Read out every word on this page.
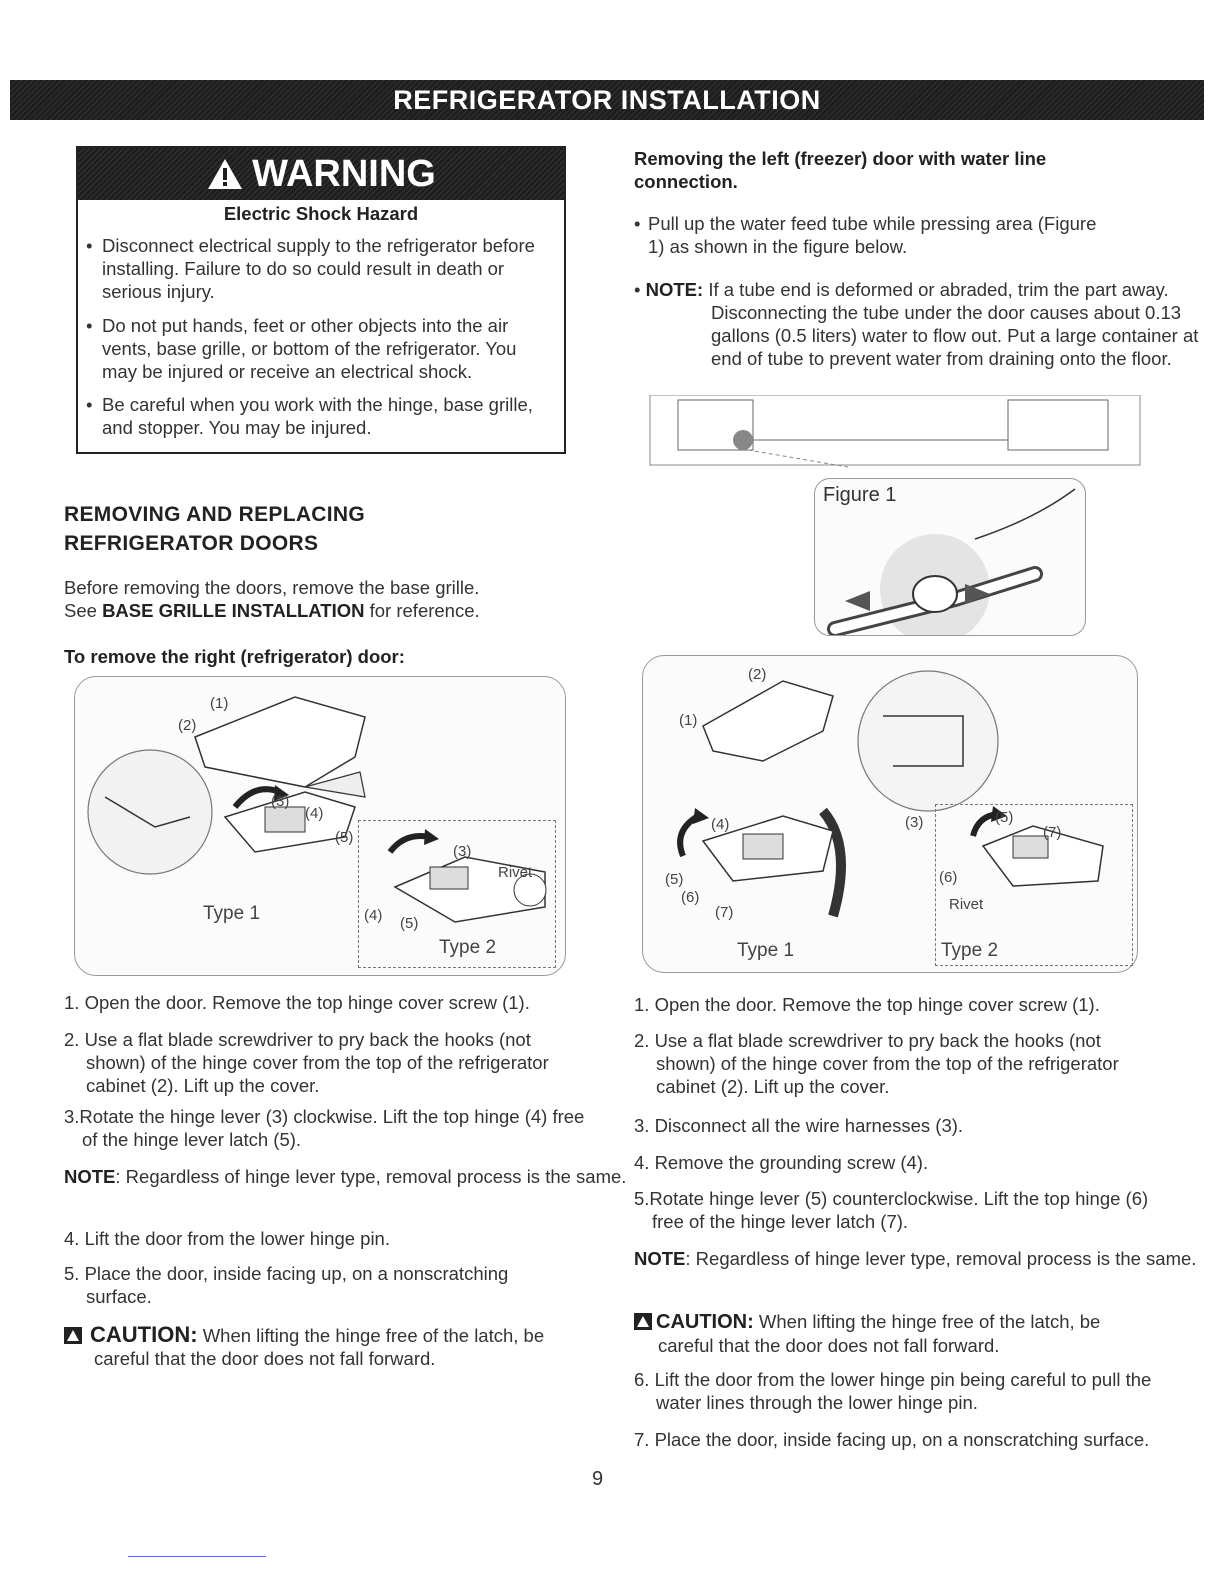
REFRIGERATOR INSTALLATION
WARNING
Electric Shock Hazard
• Disconnect electrical supply to the refrigerator before installing. Failure to do so could result in death or serious injury.
• Do not put hands, feet or other objects into the air vents, base grille, or bottom of the refrigerator. You may be injured or receive an electrical shock.
• Be careful when you work with the hinge, base grille, and stopper. You may be injured.
REMOVING AND REPLACING
REFRIGERATOR DOORS
Before removing the doors, remove the base grille.
See BASE GRILLE INSTALLATION for reference.
To remove the right (refrigerator) door:
(1)
(2)
(3)
(4)
(5)
Type 1
(3)
Rivet
(4) (5)
Type 2
1. Open the door. Remove the top hinge cover screw (1).
2. Use a flat blade screwdriver to pry back the hooks (not shown) of the hinge cover from the top of the refrigerator cabinet (2). Lift up the cover.
3.Rotate the hinge lever (3) clockwise. Lift the top hinge (4) free of the hinge lever latch (5).
NOTE: Regardless of hinge lever type, removal process is the same.
4. Lift the door from the lower hinge pin.
5. Place the door, inside facing up, on a nonscratching surface.
CAUTION: When lifting the hinge free of the latch, be careful that the door does not fall forward.
Removing the left (freezer) door with water line connection.
• Pull up the water feed tube while pressing area (Figure 1) as shown in the figure below.
• NOTE: If a tube end is deformed or abraded, trim the part away. Disconnecting the tube under the door causes about 0.13 gallons (0.5 liters) water to flow out. Put a large container at end of tube to prevent water from draining onto the floor.
Figure 1
(2)
(1)
(4)	(3)
(5)
(6)
(7)
Type 1
(5)
(7)
(6)
Rivet
Type 2
1. Open the door. Remove the top hinge cover screw (1).
2. Use a flat blade screwdriver to pry back the hooks (not shown) of the hinge cover from the top of the refrigerator cabinet (2). Lift up the cover.
3. Disconnect all the wire harnesses (3).
4. Remove the grounding screw (4).
5.Rotate hinge lever (5) counterclockwise. Lift the top hinge (6) free of the hinge lever latch (7).
NOTE: Regardless of hinge lever type, removal process is the same.
CAUTION: When lifting the hinge free of the latch, be careful that the door does not fall forward.
6. Lift the door from the lower hinge pin being careful to pull the water lines through the lower hinge pin.
7. Place the door, inside facing up, on a nonscratching surface.
9
